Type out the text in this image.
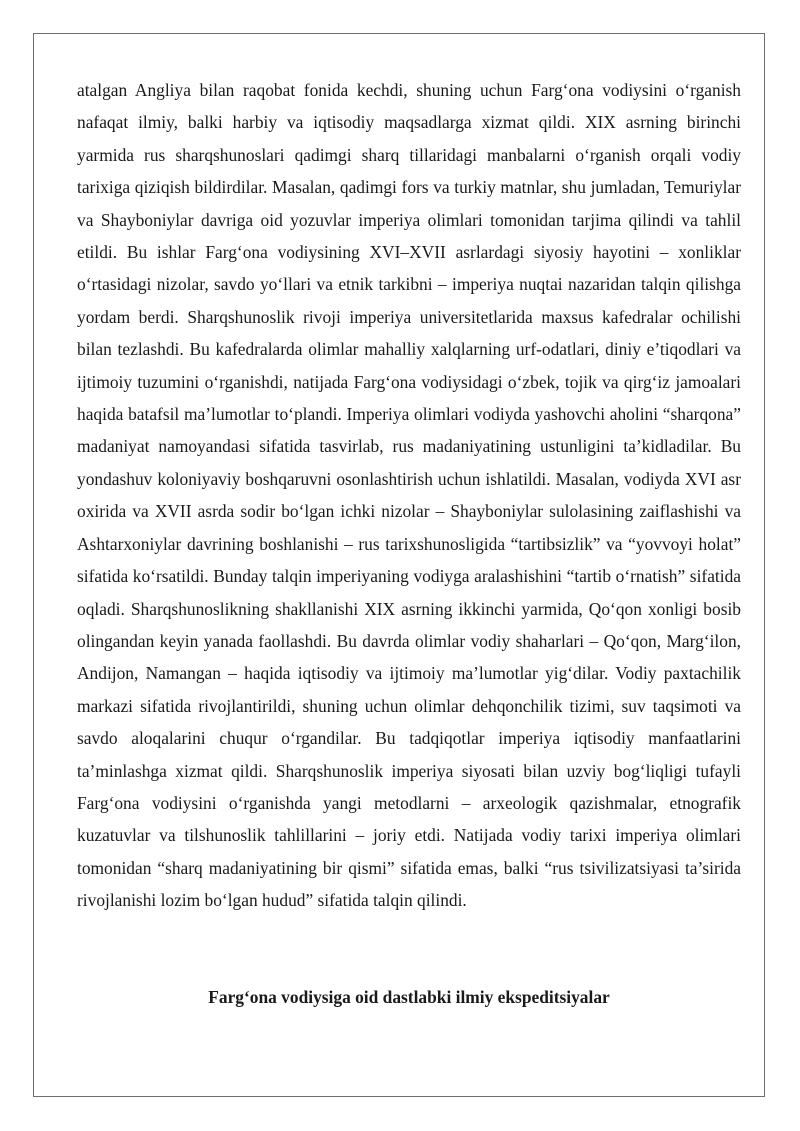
atalgan Angliya bilan raqobat fonida kechdi, shuning uchun Farg‘ona vodiysini o‘rganish nafaqat ilmiy, balki harbiy va iqtisodiy maqsadlarga xizmat qildi. XIX asrning birinchi yarmida rus sharqshunoslari qadimgi sharq tillaridagi manbalarni o‘rganish orqali vodiy tarixiga qiziqish bildirdilar. Masalan, qadimgi fors va turkiy matnlar, shu jumladan, Temuriylar va Shayboniylar davriga oid yozuvlar imperiya olimlari tomonidan tarjima qilindi va tahlil etildi. Bu ishlar Farg‘ona vodiysining XVI–XVII asrlardagi siyosiy hayotini – xonliklar o‘rtasidagi nizolar, savdo yo‘llari va etnik tarkibni – imperiya nuqtai nazaridan talqin qilishga yordam berdi. Sharqshunoslik rivoji imperiya universitetlarida maxsus kafedralar ochilishi bilan tezlashdi. Bu kafedralarda olimlar mahalliy xalqlarning urf-odatlari, diniy e’tiqodlari va ijtimoiy tuzumini o‘rganishdi, natijada Farg‘ona vodiysidagi o‘zbek, tojik va qirg‘iz jamoalari haqida batafsil ma’lumotlar to‘plandi. Imperiya olimlari vodiyda yashovchi aholini “sharqona” madaniyat namoyandasi sifatida tasvirlab, rus madaniyatining ustunligini ta’kidladilar. Bu yondashuv koloniyaviy boshqaruvni osonlashtirish uchun ishlatildi. Masalan, vodiyda XVI asr oxirida va XVII asrda sodir bo‘lgan ichki nizolar – Shayboniylar sulolasining zaiflashishi va Ashtarxoniylar davrining boshlanishi – rus tarixshunosligida “tartibsizlik” va “yovvoyi holat” sifatida ko‘rsatildi. Bunday talqin imperiyaning vodiyga aralashishini “tartib o‘rnatish” sifatida oqladi. Sharqshunoslikning shakllanishi XIX asrning ikkinchi yarmida, Qo‘qon xonligi bosib olingandan keyin yanada faollashdi. Bu davrda olimlar vodiy shaharlari – Qo‘qon, Marg‘ilon, Andijon, Namangan – haqida iqtisodiy va ijtimoiy ma’lumotlar yig‘dilar. Vodiy paxtachilik markazi sifatida rivojlantirildi, shuning uchun olimlar dehqonchilik tizimi, suv taqsimoti va savdo aloqalarini chuqur o‘rgandilar. Bu tadqiqotlar imperiya iqtisodiy manfaatlarini ta’minlashga xizmat qildi. Sharqshunoslik imperiya siyosati bilan uzviy bog‘liqligi tufayli Farg‘ona vodiysini o‘rganishda yangi metodlarni – arxeologik qazishmalar, etnografik kuzatuvlar va tilshunoslik tahlillarini – joriy etdi. Natijada vodiy tarixi imperiya olimlari tomonidan “sharq madaniyatining bir qismi” sifatida emas, balki “rus tsivilizatsiyasi ta’sirida rivojlanishi lozim bo‘lgan hudud” sifatida talqin qilindi.

Farg‘ona vodiysiga oid dastlabki ilmiy ekspeditsiyalar
